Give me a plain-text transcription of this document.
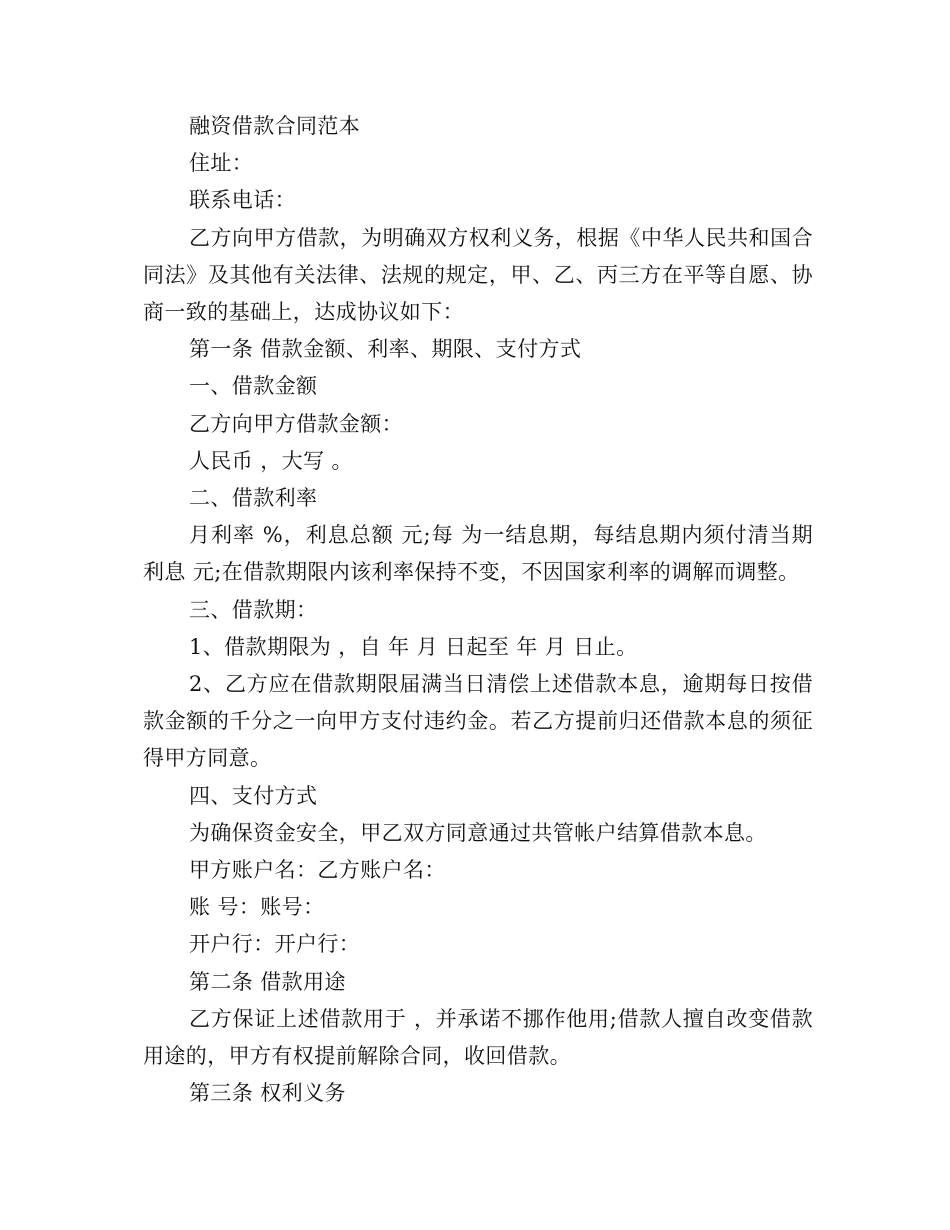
融资借款合同范本

住址：

联系电话：

乙方向甲方借款，为明确双方权利义务，根据《中华人民共和国合同法》及其他有关法律、法规的规定，甲、乙、丙三方在平等自愿、协商一致的基础上，达成协议如下：

第一条 借款金额、利率、期限、支付方式

一、借款金额

乙方向甲方借款金额：

人民币 ，大写 。

二、借款利率

月利率 %，利息总额 元;每 为一结息期，每结息期内须付清当期利息 元;在借款期限内该利率保持不变，不因国家利率的调解而调整。

三、借款期：

1、借款期限为 ，自 年 月 日起至 年 月 日止。

2、乙方应在借款期限届满当日清偿上述借款本息，逾期每日按借款金额的千分之一向甲方支付违约金。若乙方提前归还借款本息的须征得甲方同意。

四、支付方式

为确保资金安全，甲乙双方同意通过共管帐户结算借款本息。

甲方账户名：乙方账户名：

账 号：账号：

开户行：开户行：

第二条 借款用途

乙方保证上述借款用于 ，并承诺不挪作他用;借款人擅自改变借款用途的，甲方有权提前解除合同，收回借款。

第三条 权利义务
